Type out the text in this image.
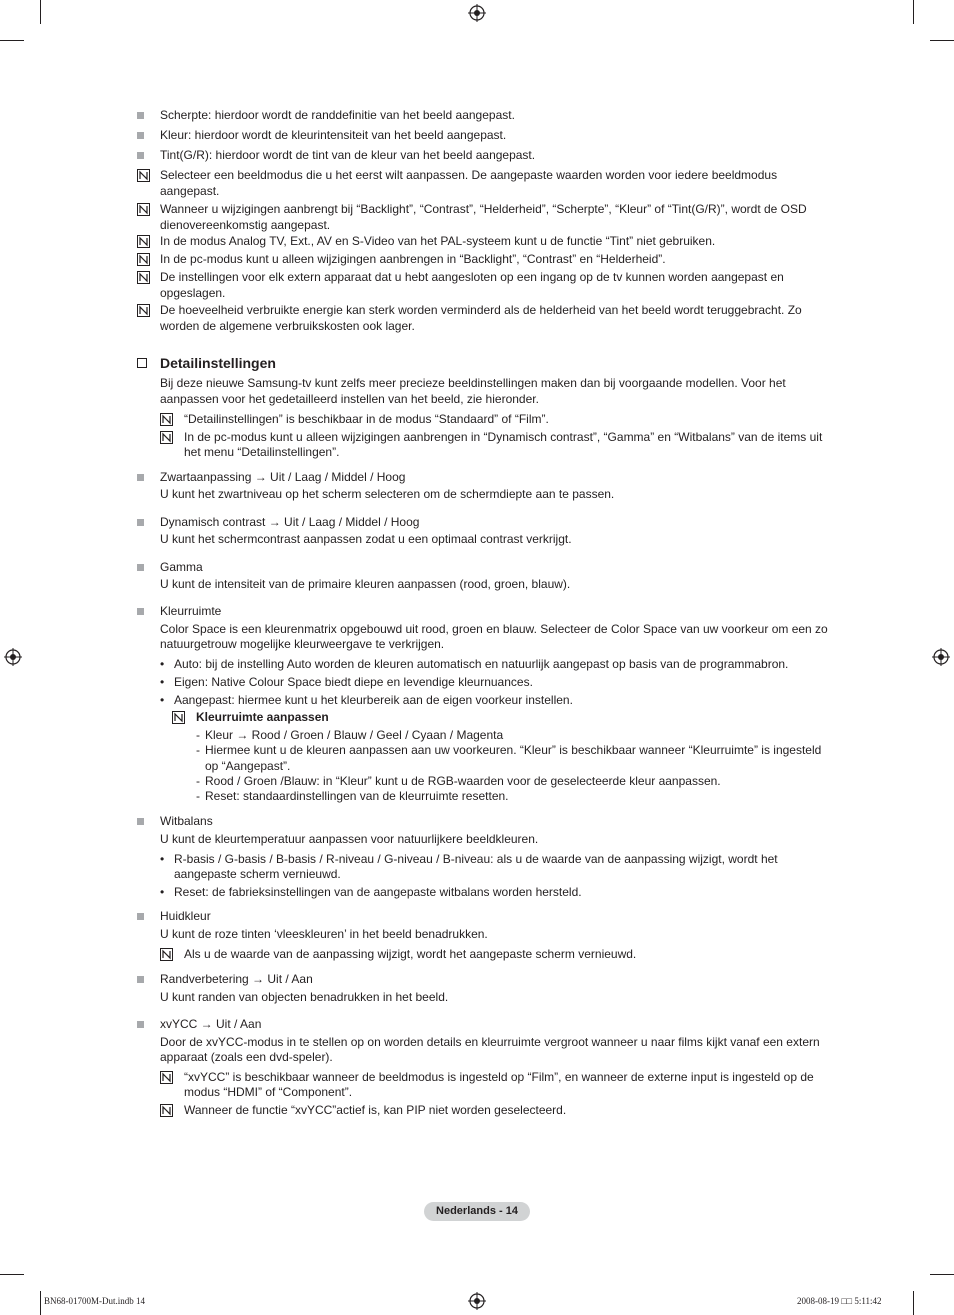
Scherpte: hierdoor wordt de randdefinitie van het beeld aangepast.
Kleur: hierdoor wordt de kleurintensiteit van het beeld aangepast.
Tint(G/R): hierdoor wordt de tint van de kleur van het beeld aangepast.
Selecteer een beeldmodus die u het eerst wilt aanpassen. De aangepaste waarden worden voor iedere beeldmodus
aangepast.
Wanneer u wijzigingen aanbrengt bij “Backlight”, “Contrast”, “Helderheid”, “Scherpte”, “Kleur” of “Tint(G/R)”, wordt de OSD
dienovereenkomstig aangepast.
In de modus Analog TV, Ext., AV en S-Video van het PAL-systeem kunt u de functie “Tint” niet gebruiken.
In de pc-modus kunt u alleen wijzigingen aanbrengen in “Backlight”, “Contrast” en “Helderheid”.
De instellingen voor elk extern apparaat dat u hebt aangesloten op een ingang op de tv kunnen worden aangepast en
opgeslagen.
De hoeveelheid verbruikte energie kan sterk worden verminderd als de helderheid van het beeld wordt teruggebracht. Zo
worden de algemene verbruikskosten ook lager.
Detailinstellingen
Bij deze nieuwe Samsung-tv kunt zelfs meer precieze beeldinstellingen maken dan bij voorgaande modellen. Voor het
aanpassen voor het gedetailleerd instellen van het beeld, zie hieronder.
“Detailinstellingen” is beschikbaar in de modus “Standaard” of “Film”.
In de pc-modus kunt u alleen wijzigingen aanbrengen in “Dynamisch contrast”, “Gamma” en “Witbalans” van de items uit
het menu “Detailinstellingen”.
Zwartaanpassing → Uit / Laag / Middel / Hoog
U kunt het zwartniveau op het scherm selecteren om de schermdiepte aan te passen.
Dynamisch contrast → Uit / Laag / Middel / Hoog
U kunt het schermcontrast aanpassen zodat u een optimaal contrast verkrijgt.
Gamma
U kunt de intensiteit van de primaire kleuren aanpassen (rood, groen, blauw).
Kleurruimte
Color Space is een kleurenmatrix opgebouwd uit rood, groen en blauw. Selecteer de Color Space van uw voorkeur om een zo
natuurgetrouw mogelijke kleurweergave te verkrijgen.
• Auto: bij de instelling Auto worden de kleuren automatisch en natuurlijk aangepast op basis van de programmabron.
• Eigen: Native Colour Space biedt diepe en levendige kleurnuances.
• Aangepast: hiermee kunt u het kleurbereik aan de eigen voorkeur instellen.
Kleurruimte aanpassen
- Kleur → Rood / Groen / Blauw / Geel / Cyaan / Magenta
- Hiermee kunt u de kleuren aanpassen aan uw voorkeuren. “Kleur” is beschikbaar wanneer “Kleurruimte” is ingesteld
op “Aangepast”.
- Rood / Groen /Blauw: in “Kleur” kunt u de RGB-waarden voor de geselecteerde kleur aanpassen.
- Reset: standaardinstellingen van de kleurruimte resetten.
Witbalans
U kunt de kleurtemperatuur aanpassen voor natuurlijkere beeldkleuren.
• R-basis / G-basis / B-basis / R-niveau / G-niveau / B-niveau: als u de waarde van de aanpassing wijzigt, wordt het
aangepaste scherm vernieuwd.
• Reset: de fabrieksinstellingen van de aangepaste witbalans worden hersteld.
Huidkleur
U kunt de roze tinten ‘vleeskleuren’ in het beeld benadrukken.
Als u de waarde van de aanpassing wijzigt, wordt het aangepaste scherm vernieuwd.
Randverbetering → Uit / Aan
U kunt randen van objecten benadrukken in het beeld.
xvYCC → Uit / Aan
Door de xvYCC-modus in te stellen op on worden details en kleurruimte vergroot wanneer u naar films kijkt vanaf een extern
apparaat (zoals een dvd-speler).
“xvYCC” is beschikbaar wanneer de beeldmodus is ingesteld op “Film”, en wanneer de externe input is ingesteld op de
modus “HDMI” of “Component”.
Wanneer de functie “xvYCC”actief is, kan PIP niet worden geselecteerd.
Nederlands - 14
BN68-01700M-Dut.indb 14	2008-08-19 □□ 5:11:42
